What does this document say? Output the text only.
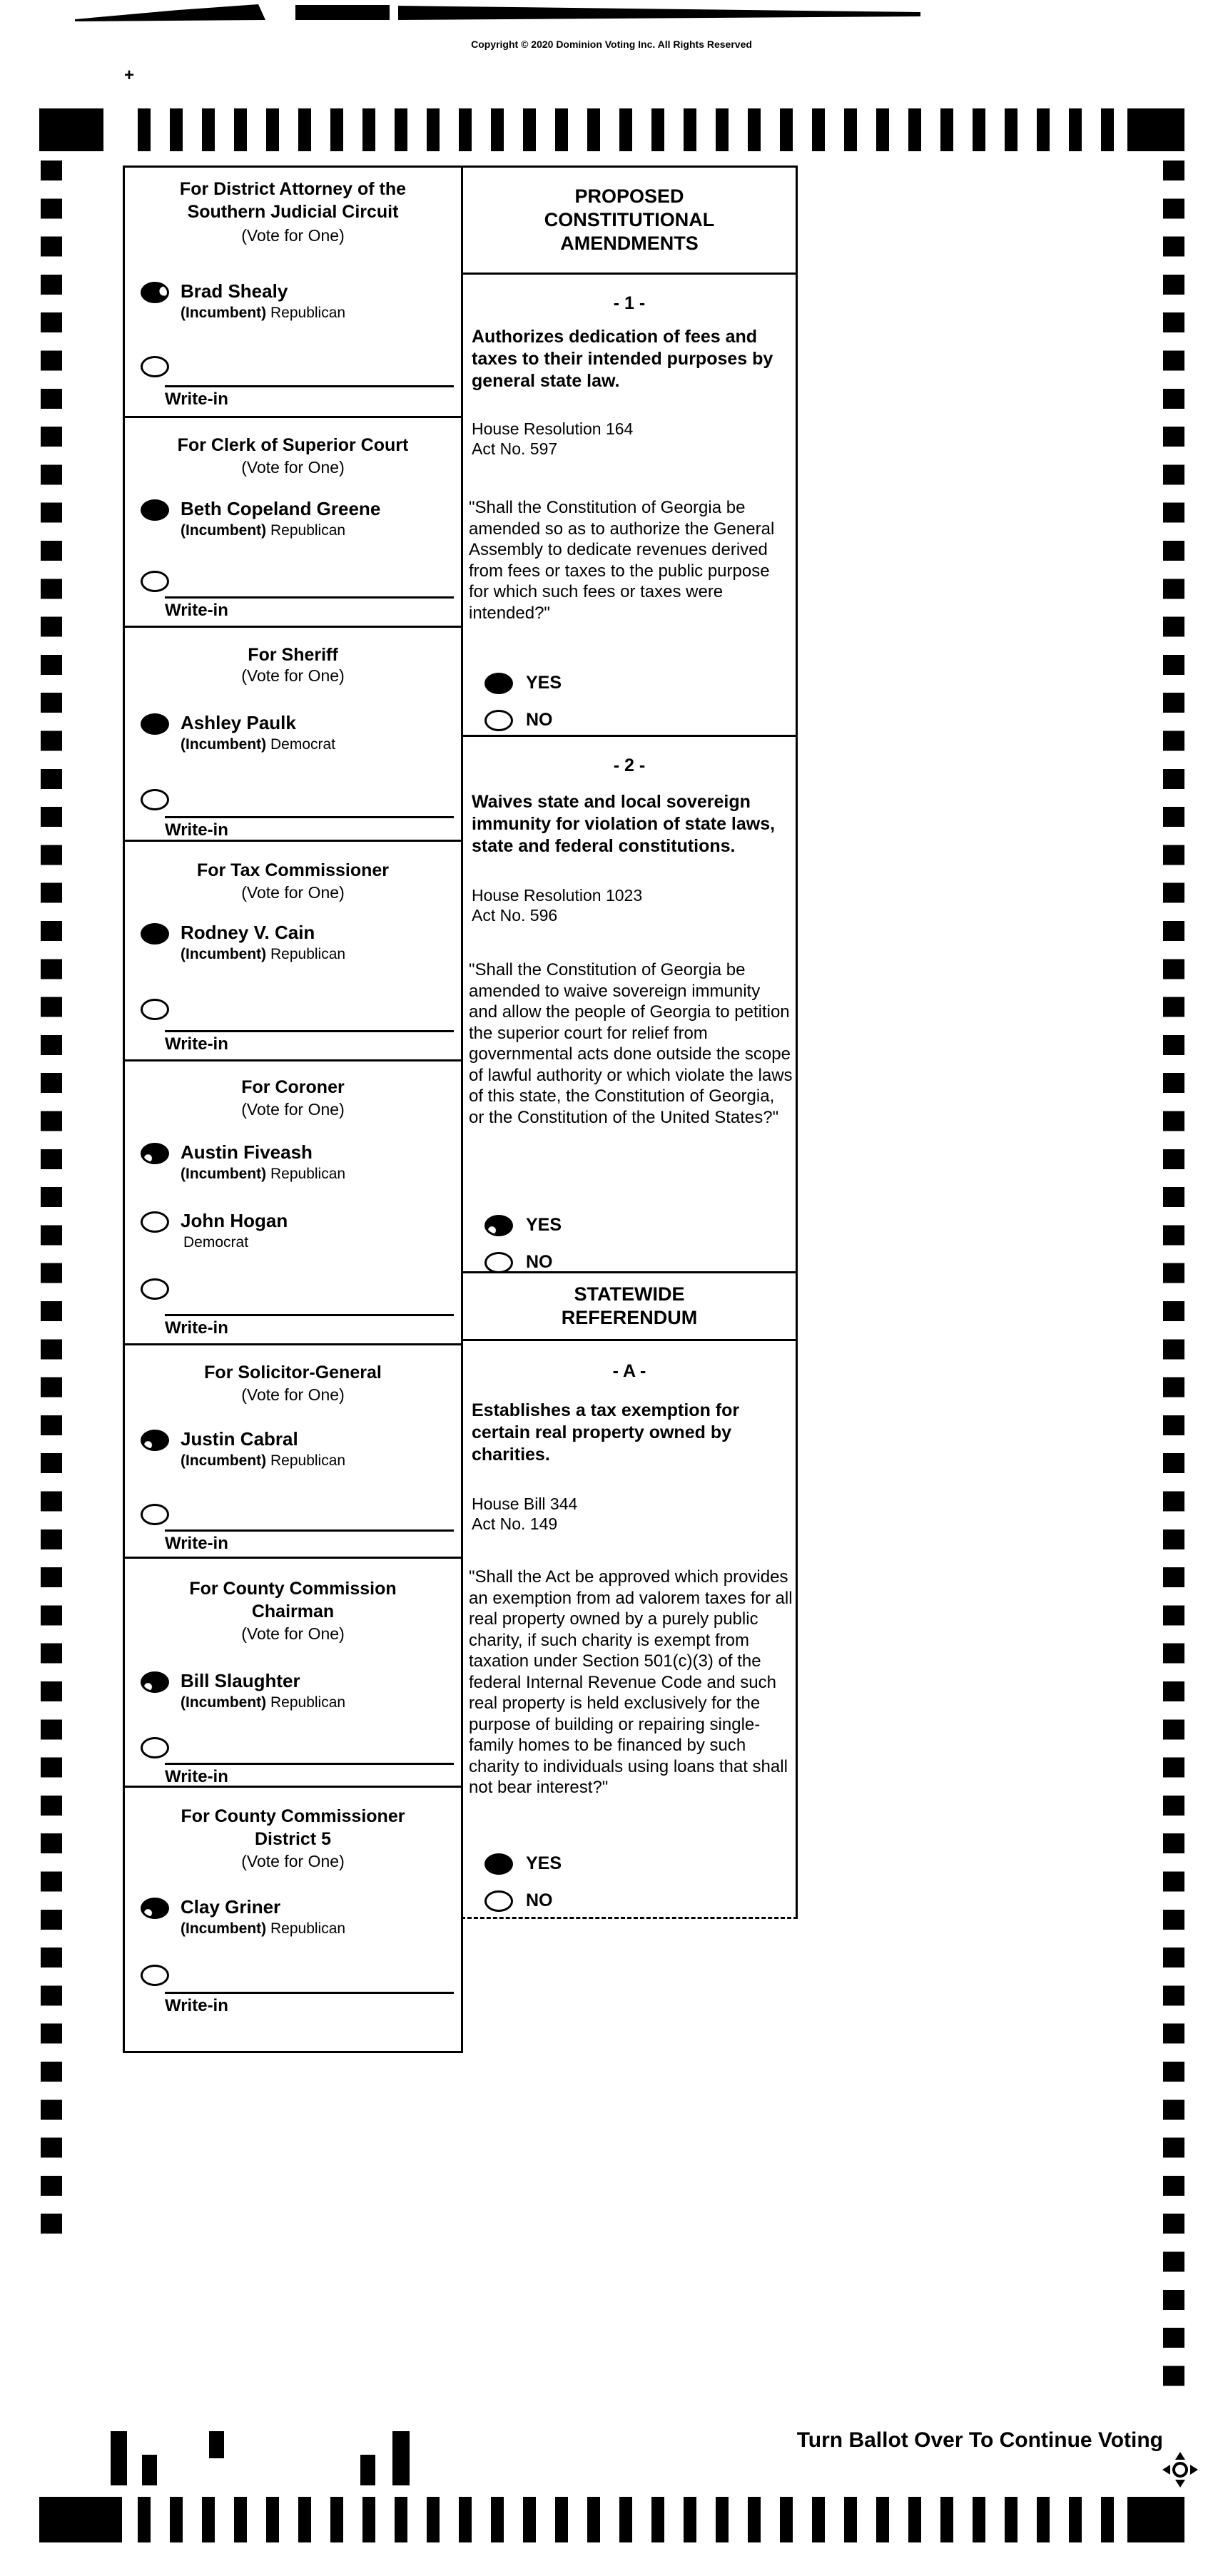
Copyright © 2020 Dominion Voting Inc. All Rights Reserved
+
For District Attorney of the Southern Judicial Circuit
(Vote for One)
Brad Shealy
(Incumbent) Republican
Write-in
For Clerk of Superior Court
(Vote for One)
Beth Copeland Greene
(Incumbent) Republican
Write-in
For Sheriff
(Vote for One)
Ashley Paulk
(Incumbent) Democrat
Write-in
For Tax Commissioner
(Vote for One)
Rodney V. Cain
(Incumbent) Republican
Write-in
For Coroner
(Vote for One)
Austin Fiveash
(Incumbent) Republican
John Hogan
Democrat
Write-in
For Solicitor-General
(Vote for One)
Justin Cabral
(Incumbent) Republican
Write-in
For County Commission Chairman
(Vote for One)
Bill Slaughter
(Incumbent) Republican
Write-in
For County Commissioner District 5
(Vote for One)
Clay Griner
(Incumbent) Republican
Write-in
PROPOSED CONSTITUTIONAL AMENDMENTS
- 1 -
Authorizes dedication of fees and taxes to their intended purposes by general state law.
House Resolution 164
Act No. 597
"Shall the Constitution of Georgia be amended so as to authorize the General Assembly to dedicate revenues derived from fees or taxes to the public purpose for which such fees or taxes were intended?"
YES
NO
- 2 -
Waives state and local sovereign immunity for violation of state laws, state and federal constitutions.
House Resolution 1023
Act No. 596
"Shall the Constitution of Georgia be amended to waive sovereign immunity and allow the people of Georgia to petition the superior court for relief from governmental acts done outside the scope of lawful authority or which violate the laws of this state, the Constitution of Georgia, or the Constitution of the United States?"
YES
NO
STATEWIDE REFERENDUM
- A -
Establishes a tax exemption for certain real property owned by charities.
House Bill 344
Act No. 149
"Shall the Act be approved which provides an exemption from ad valorem taxes for all real property owned by a purely public charity, if such charity is exempt from taxation under Section 501(c)(3) of the federal Internal Revenue Code and such real property is held exclusively for the purpose of building or repairing single-family homes to be financed by such charity to individuals using loans that shall not bear interest?"
YES
NO
Turn Ballot Over To Continue Voting
16
